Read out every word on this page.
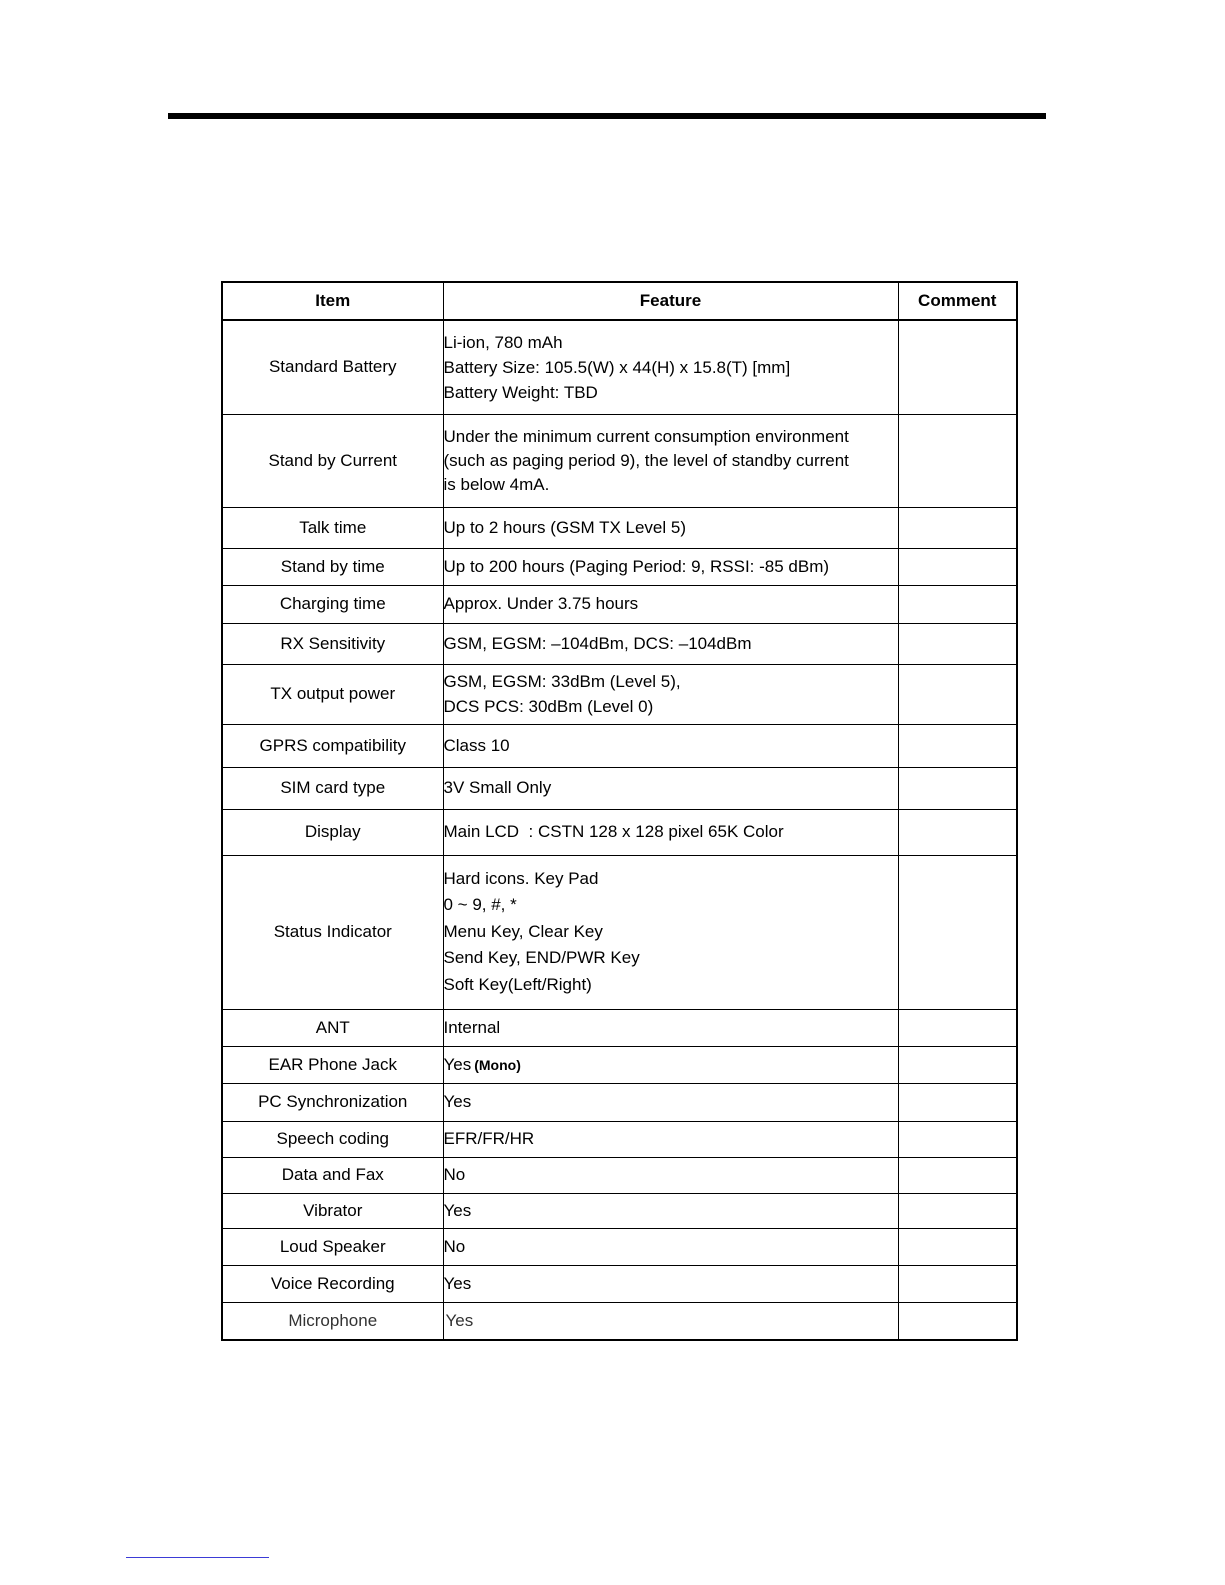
Item	Feature	Comment
Standard Battery	Li-ion, 780 mAh
Battery Size: 105.5(W) x 44(H) x 15.8(T) [mm]
Battery Weight: TBD	

Stand by Current	Under the minimum current consumption environment
(such as paging period 9), the level of standby current
is below 4mA.	

Talk time	Up to 2 hours (GSM TX Level 5)	

Stand by time	Up to 200 hours (Paging Period: 9, RSSI: -85 dBm)	

Charging time	Approx. Under 3.75 hours	

RX Sensitivity	GSM, EGSM: –104dBm, DCS: –104dBm	

TX output power	GSM, EGSM: 33dBm (Level 5),
DCS PCS: 30dBm (Level 0)	

GPRS compatibility	Class 10	

SIM card type	3V Small Only	

Display	Main LCD  : CSTN 128 x 128 pixel 65K Color	

Status Indicator	Hard icons. Key Pad
0 ~ 9, #, *
Menu Key, Clear Key
Send Key, END/PWR Key
Soft Key(Left/Right)	

ANT	Internal	

EAR Phone Jack	Yes (Mono)	
PC Synchronization	Yes	

Speech coding	EFR/FR/HR	

Data and Fax	No	

Vibrator	Yes	

Loud Speaker	No	

Voice Recording	Yes	

Microphone	Yes	
